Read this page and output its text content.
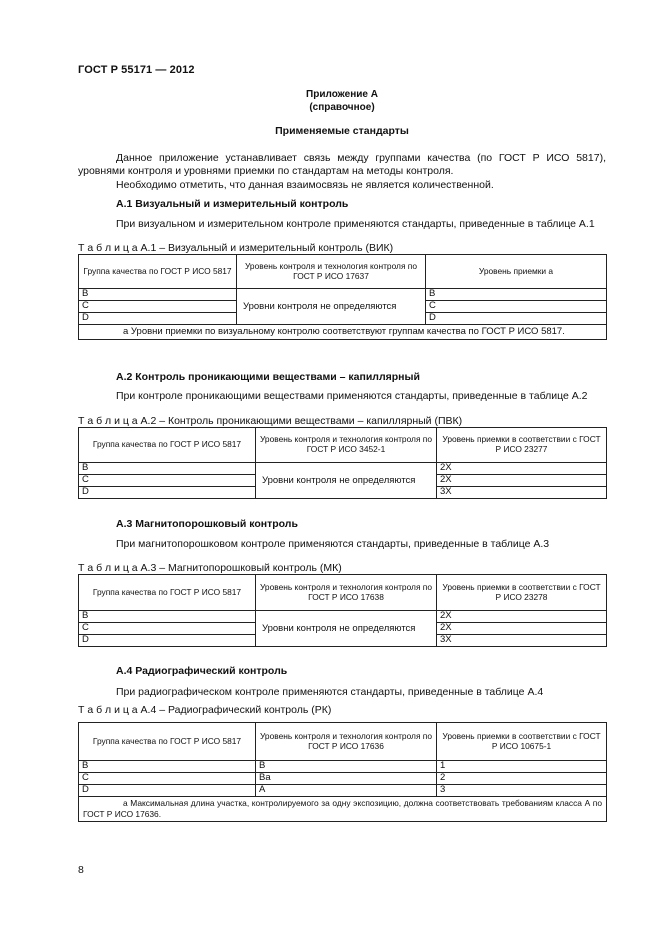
ГОСТ Р 55171 — 2012
Приложение А
(справочное)
Применяемые стандарты
Данное приложение устанавливает связь между группами качества (по ГОСТ Р ИСО 5817), уровнями контроля и уровнями приемки по стандартам на методы контроля.
Необходимо отметить, что данная взаимосвязь не является количественной.
А.1 Визуальный и измерительный контроль
При визуальном и измерительном контроле применяются стандарты, приведенные в таблице А.1
Т а б л и ц а А.1 – Визуальный и измерительный контроль (ВИК)
Группа качества по ГОСТ Р ИСО 5817	Уровень контроля и технология контроля по ГОСТ Р ИСО 17637	Уровень приемки а
B	Уровни контроля не определяются	B
C		C
D		D
а Уровни приемки по визуальному контролю соответствуют группам качества по ГОСТ Р ИСО 5817.		
А.2 Контроль проникающими веществами – капиллярный
При контроле проникающими веществами применяются стандарты, приведенные в таблице А.2
Т а б л и ц а А.2 – Контроль проникающими веществами – капиллярный (ПВК)
Группа качества по ГОСТ Р ИСО 5817	Уровень контроля и технология контроля по ГОСТ Р ИСО 3452-1	Уровень приемки в соответствии с ГОСТ Р ИСО 23277
B	Уровни контроля не определяются	2X
C		2X
D		3X
А.3 Магнитопорошковый контроль
При магнитопорошковом контроле применяются стандарты, приведенные в таблице А.3
Т а б л и ц а А.3 – Магнитопорошковый контроль (МК)
Группа качества по ГОСТ Р ИСО 5817	Уровень контроля и технология контроля по ГОСТ Р ИСО 17638	Уровень приемки в соответствии с ГОСТ Р ИСО 23278
B	Уровни контроля не определяются	2X
C		2X
D		3X
А.4 Радиографический контроль
При радиографическом контроле применяются стандарты, приведенные в таблице А.4
Т а б л и ц а А.4 – Радиографический контроль (РК)
Группа качества по ГОСТ Р ИСО 5817	Уровень контроля и технология контроля по ГОСТ Р ИСО 17636	Уровень приемки в соответствии с ГОСТ Р ИСО 10675-1
B	B	1
C	Bа	2
D	A	3
а Максимальная длина участка, контролируемого за одну экспозицию, должна соответствовать требованиям класса А по ГОСТ Р ИСО 17636.		
8
